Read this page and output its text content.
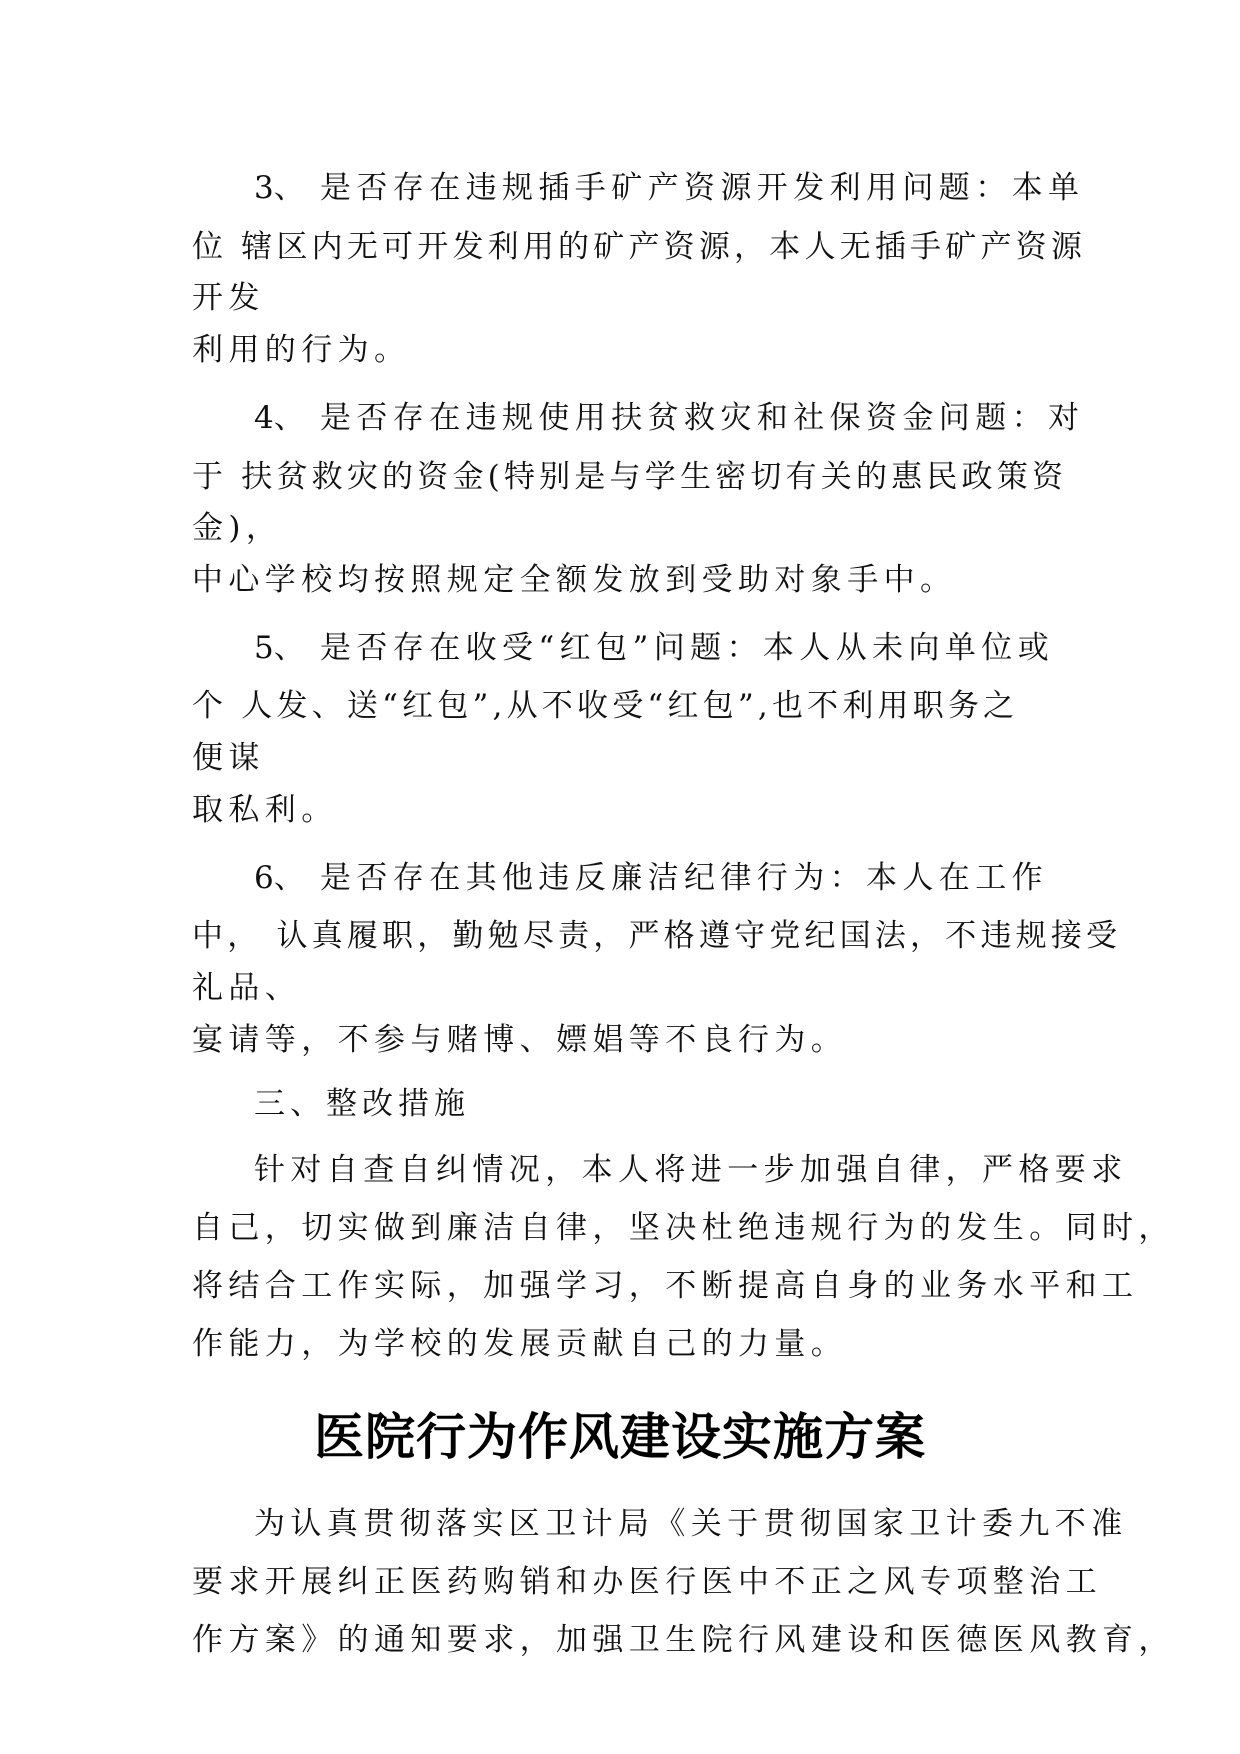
3、 是否存在违规插手矿产资源开发利用问题：本单
位 辖区内无可开发利用的矿产资源，本人无插手矿产资源
开发
利用的行为。
4、 是否存在违规使用扶贫救灾和社保资金问题：对
于 扶贫救灾的资金(特别是与学生密切有关的惠民政策资
金)，
中心学校均按照规定全额发放到受助对象手中。
5、 是否存在收受“红包”问题：本人从未向单位或
个 人发、送“红包”,从不收受“红包”,也不利用职务之
便谋
取私利。
6、 是否存在其他违反廉洁纪律行为：本人在工作
中， 认真履职，勤勉尽责，严格遵守党纪国法，不违规接受
礼品、
宴请等，不参与赌博、嫖娼等不良行为。
三、整改措施
针对自查自纠情况，本人将进一步加强自律，严格要求
自己，切实做到廉洁自律，坚决杜绝违规行为的发生。同时，
将结合工作实际，加强学习，不断提高自身的业务水平和工
作能力，为学校的发展贡献自己的力量。
医院行为作风建设实施方案
为认真贯彻落实区卫计局《关于贯彻国家卫计委九不准
要求开展纠正医药购销和办医行医中不正之风专项整治工
作方案》的通知要求，加强卫生院行风建设和医德医风教育，
